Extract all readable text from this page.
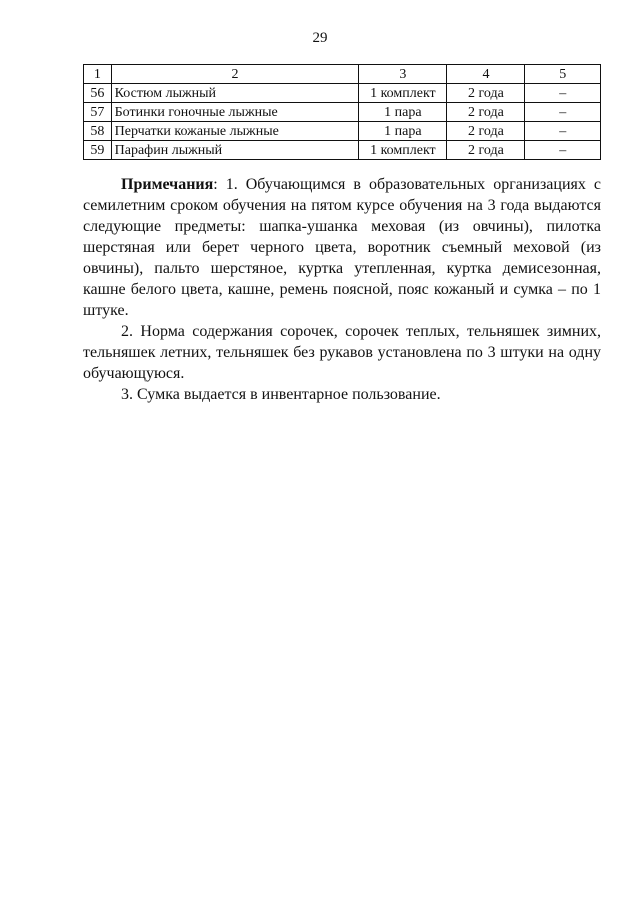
29
1	2	3	4	5
56	Костюм лыжный	1 комплект	2 года	–
57	Ботинки гоночные лыжные	1 пара	2 года	–
58	Перчатки кожаные лыжные	1 пара	2 года	–
59	Парафин лыжный	1 комплект	2 года	–

Примечания: 1. Обучающимся в образовательных организациях с семилетним сроком обучения на пятом курсе обучения на 3 года выдаются следующие предметы: шапка-ушанка меховая (из овчины), пилотка шерстяная или берет черного цвета, воротник съемный меховой (из овчины), пальто шерстяное, куртка утепленная, куртка демисезонная, кашне белого цвета, кашне, ремень поясной, пояс кожаный и сумка – по 1 штуке.

2. Норма содержания сорочек, сорочек теплых, тельняшек зимних, тельняшек летних, тельняшек без рукавов установлена по 3 штуки на одну обучающуюся.

3. Сумка выдается в инвентарное пользование.
